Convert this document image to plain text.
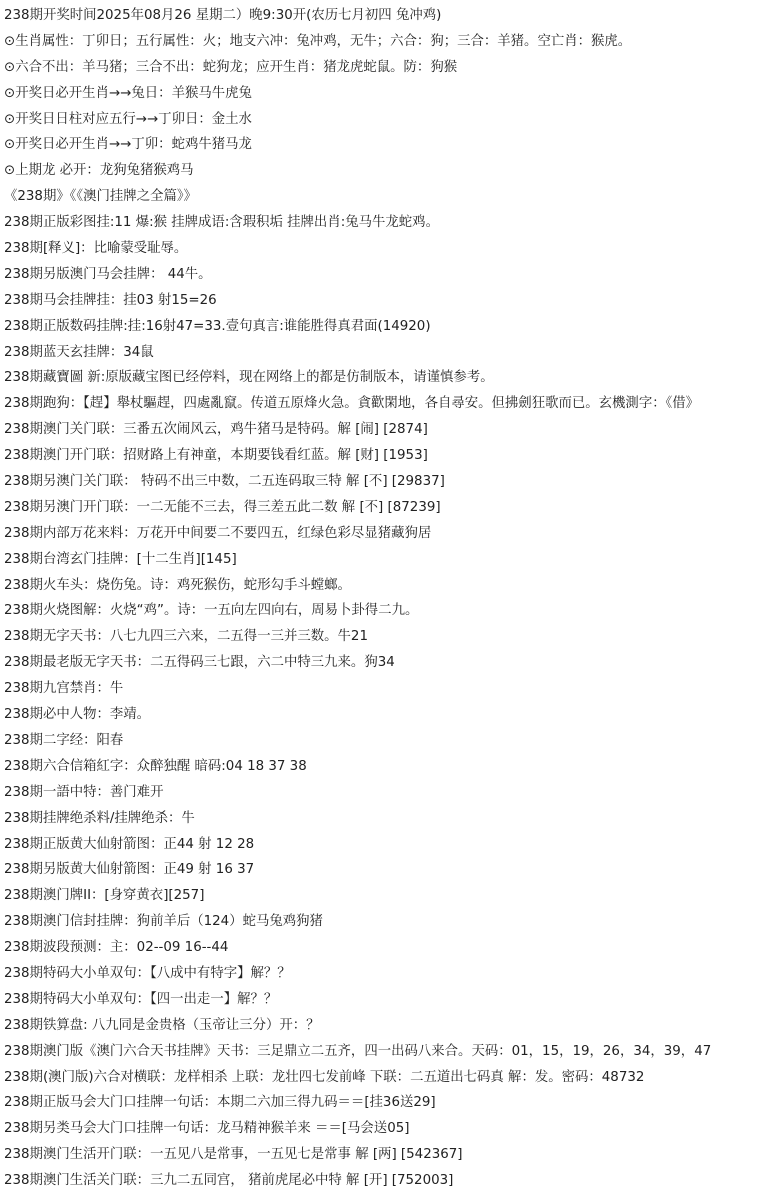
238期开奖时间2025年08月26 星期二）晚9:30开(农历七月初四 兔冲鸡)
⊙生肖属性：丁卯日；五行属性：火；地支六冲：兔冲鸡，无牛；六合：狗；三合：羊猪。空亡肖：猴虎。
⊙六合不出：羊马猪；三合不出：蛇狗龙；应开生肖：猪龙虎蛇鼠。防：狗猴
⊙开奖日必开生肖→→兔日：羊猴马牛虎兔
⊙开奖日日柱对应五行→→丁卯日：金土水
⊙开奖日必开生肖→→丁卯：蛇鸡牛猪马龙
⊙上期龙 必开：龙狗兔猪猴鸡马
《238期》《《澳门挂牌之全篇》》
238期正版彩图挂:11 爆:猴 挂牌成语:含瑕积垢 挂牌出肖:兔马牛龙蛇鸡。
238期[释义]：比喻蒙受耻辱。
238期另版澳门马会挂牌： 44牛。
238期马会挂牌挂：挂03 射15=26
238期正版数码挂牌:挂:16射47=33.壹句真言:谁能胜得真君面(14920)
238期蓝天玄挂牌：34鼠
238期藏寶圖 新:原版藏宝图已经停料，现在网络上的都是仿制版本，请谨慎参考。
238期跑狗：【趕】舉杖驅趕，四處亂竄。传道五原烽火急。貪歡閑地，各自尋安。但拂劍狂歌而已。玄機測字：《借》
238期澳门关门联：三番五次闹风云，鸡牛猪马是特码。解 [闹] [2874]
238期澳门开门联：招财路上有神童，本期要钱看红蓝。解 [财] [1953]
238期另澳门关门联： 特码不出三中数，二五连码取三特 解 [不] [29837]
238期另澳门开门联：一二无能不三去，得三差五此二数 解 [不] [87239]
238期内部万花来料：万花开中间要二不要四五，红绿色彩尽显猪藏狗居
238期台湾玄门挂牌：[十二生肖][145]
238期火车头：烧伤兔。诗：鸡死猴伤，蛇形勾手斗螳螂。
238期火烧图解：火烧“鸡”。诗：一五向左四向右，周易卜卦得二九。
238期无字天书：八七九四三六来，二五得一三并三数。牛21
238期最老版无字天书：二五得码三七跟，六二中特三九来。狗34
238期九宫禁肖：牛
238期必中人物：李靖。
238期二字经：阳春
238期六合信箱紅字：众醉独醒 暗码:04 18 37 38
238期一語中特：善门难开
238期挂牌绝杀料/挂牌绝杀：牛
238期正版黄大仙射箭图：正44 射 12 28
238期另版黄大仙射箭图：正49 射 16 37
238期澳门牌II：[身穿黄衣][257]
238期澳门信封挂牌：狗前羊后（124）蛇马兔鸡狗猪
238期波段预测：主：02--09 16--44
238期特码大小单双句：【八成中有特字】解？？
238期特码大小单双句：【四一出走一】解？？
238期铁算盘: 八九同是金贵格（玉帝让三分）开：？
238期澳门版《澳门六合天书挂牌》天书：三足鼎立二五齐，四一出码八来合。天码：01，15，19，26，34，39，47
238期(澳门版)六合对横联：龙样相杀 上联：龙壮四七发前峰 下联：二五道出七码真 解：发。密码：48732
238期正版马会大门口挂牌一句话：本期二六加三得九码＝＝[挂36送29]
238期另类马会大门口挂牌一句话：龙马精神猴羊来 ＝＝[马会送05]
238期澳门生活开门联：一五见八是常事，一五见七是常事 解 [两] [542367]
238期澳门生活关门联：三九二五同宫， 猪前虎尾必中特 解 [开] [752003]
